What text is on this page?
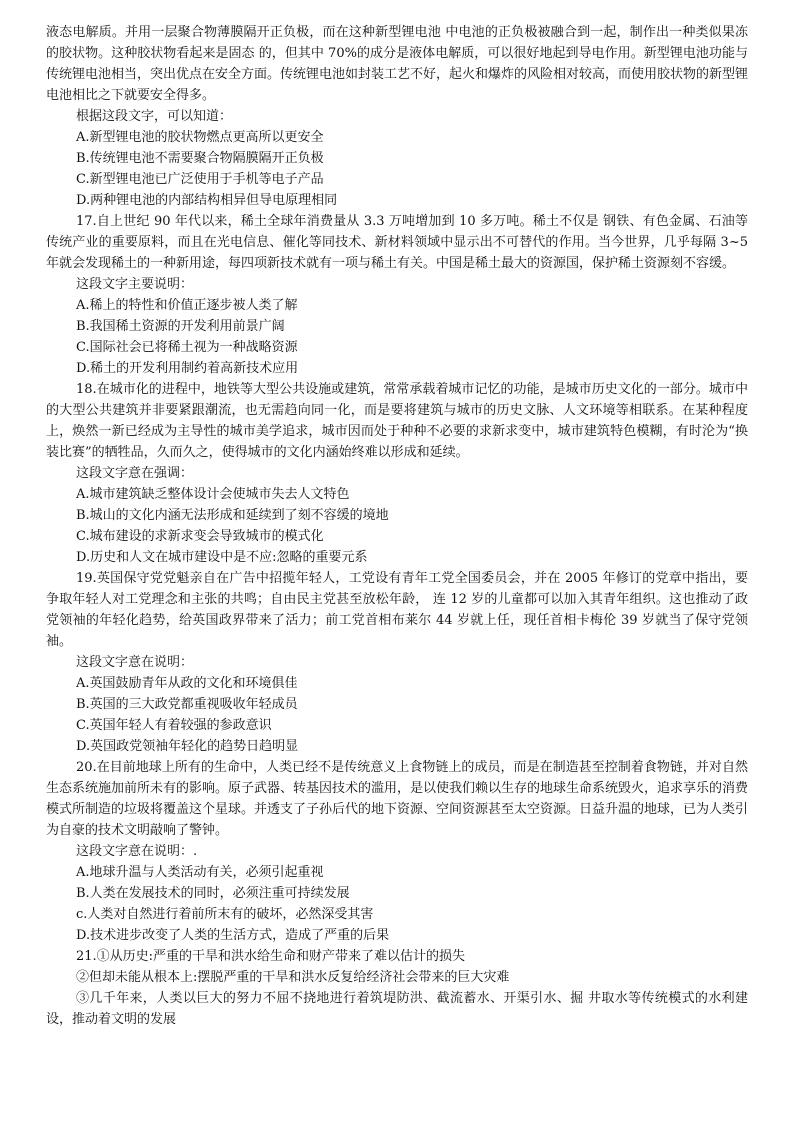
液态电解质。并用一层聚合物薄膜隔开正负极，而在这种新型锂电池 中电池的正负极被融合到一起，制作出一种类似果冻的胶状物。这种胶状物看起来是固态 的，但其中 70%的成分是液体电解质，可以很好地起到导电作用。新型锂电池功能与传统锂电池相当，突出优点在安全方面。传统锂电池如封装工艺不好，起火和爆炸的风险相对较高，而使用胶状物的新型锂电池相比之下就要安全得多。

根据这段文字，可以知道：

A.新型锂电池的胶状物燃点更高所以更安全

B.传统锂电池不需要聚合物隔膜隔开正负极

C.新型锂电池已广泛使用于手机等电子产品

D.两种锂电池的内部结构相异但导电原理相同

17.自上世纪 90 年代以来，稀土全球年消费量从 3.3 万吨增加到 10 多万吨。稀土不仅是 钢铁、有色金属、石油等传统产业的重要原料，而且在光电信息、催化等同技术、新材料领域中显示出不可替代的作用。当今世界，几乎每隔 3~5 年就会发现稀土的一种新用途，每四项新技术就有一项与稀土有关。中国是稀土最大的资源国，保护稀土资源刻不容缓。

这段文字主要说明：

A.稀上的特性和价值正逐步被人类了解

B.我国稀土资源的开发利用前景广阔

C.国际社会已将稀土视为一种战略资源

D.稀土的开发利用制约着高新技术应用

18.在城市化的进程中，地铁等大型公共设施或建筑，常常承载着城市记忆的功能，是城市历史文化的一部分。城市中的大型公共建筑并非要紧跟潮流，也无需趋向同一化，而是要将建筑与城市的历史文脉、人文环境等相联系。在某种程度上，焕然一新已经成为主导性的城市美学追求，城市因而处于种种不必要的求新求变中，城市建筑特色模糊，有时沦为“换装比赛”的牺牲品，久而久之，使得城市的文化内涵始终难以形成和延续。

这段文字意在强调：

A.城市建筑缺乏整体设计会使城市失去人文特色

B.城山的文化内涵无法形成和延续到了刻不容缓的境地

C.城布建设的求新求变会导致城市的模式化

D.历史和人文在城市建设中是不应:忽略的重要元系

19.英国保守党党魁亲自在广告中招揽年轻人，工党设有青年工党全国委员会，并在 2005 年修订的党章中指出，要争取年轻人对工党理念和主张的共鸣；自由民主党甚至放松年龄， 连 12 岁的儿童都可以加入其青年组织。这也推动了政党领袖的年轻化趋势，给英国政界带来了活力；前工党首相布莱尔 44 岁就上任，现任首相卡梅伦 39 岁就当了保守党领袖。

这段文字意在说明：

A.英国鼓励青年从政的文化和环境俱佳

B.英国的三大政党都重视吸收年轻成员

C.英国年轻人有着较强的参政意识

D.英国政党领袖年轻化的趋势日趋明显

20.在目前地球上所有的生命中，人类已经不是传统意义上食物链上的成员，而是在制造甚至控制着食物链，并对自然生态系统施加前所未有的影响。原子武器、转基因技术的滥用，是以使我们赖以生存的地球生命系统毁火，追求享乐的消费模式所制造的垃圾将覆盖这个星球。并透支了子孙后代的地下资源、空间资源甚至太空资源。日益升温的地球，已为人类引为自豪的技术文明敲响了警钟。

这段文字意在说明：.

A.地球升温与人类活动有关，必须引起重视

B.人类在发展技术的同时，必须注重可持续发展

c.人类对自然进行着前所末有的破坏，必然深受其害

D.技术进步改变了人类的生活方式，造成了严重的后果

21.①从历史:严重的干旱和洪水给生命和财产带来了难以估计的损失

②但却未能从根本上:摆脱严重的干旱和洪水反复给经济社会带来的巨大灾难

③几千年来，人类以巨大的努力不屈不挠地进行着筑堤防洪、截流蓄水、开渠引水、掘 井取水等传统模式的水利建设，推动着文明的发展
